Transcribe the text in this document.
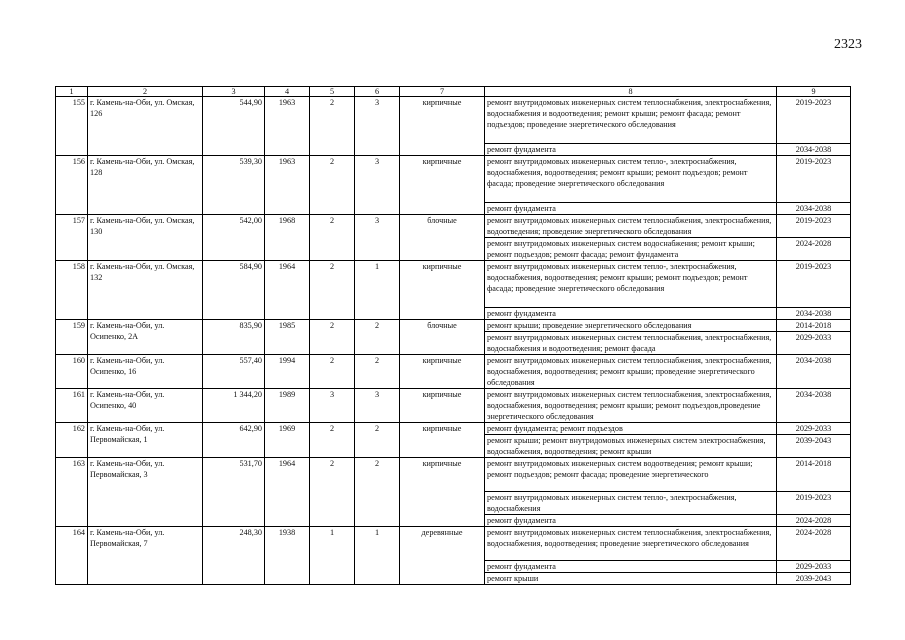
2323
1	2	3	4	5	6	7	8	9
155	г. Камень-на-Оби, ул. Омская, 126	544,90	1963	2	3	кирпичные	ремонт внутридомовых инженерных систем теплоснабжения, электроснабжения, водоснабжения и водоотведения; ремонт крыши; ремонт фасада; ремонт подъездов; проведение энергетического обследования	2019-2023
							ремонт фундамента	2034-2038
156	г. Камень-на-Оби, ул. Омская, 128	539,30	1963	2	3	кирпичные	ремонт внутридомовых инженерных систем тепло-, электроснабжения, водоснабжения, водоотведения; ремонт крыши; ремонт подъездов; ремонт фасада; проведение энергетического обследования	2019-2023
							ремонт фундамента	2034-2038
157	г. Камень-на-Оби, ул. Омская, 130	542,00	1968	2	3	блочные	ремонт внутридомовых инженерных систем теплоснабжения, электроснабжения, водоотведения; проведение энергетического обследования	2019-2023
							ремонт внутридомовых инженерных систем водоснабжения; ремонт крыши; ремонт подъездов; ремонт фасада; ремонт фундамента	2024-2028
158	г. Камень-на-Оби, ул. Омская, 132	584,90	1964	2	1	кирпичные	ремонт внутридомовых инженерных систем тепло-, электроснабжения, водоснабжения, водоотведения; ремонт крыши; ремонт подъездов; ремонт фасада; проведение энергетического обследования	2019-2023
							ремонт фундамента	2034-2038
159	г. Камень-на-Оби, ул. Осипенко, 2А	835,90	1985	2	2	блочные	ремонт крыши; проведение энергетического обследования	2014-2018
							ремонт внутридомовых инженерных систем теплоснабжения, электроснабжения, водоснабжения и водоотведения; ремонт фасада	2029-2033
160	г. Камень-на-Оби, ул. Осипенко, 16	557,40	1994	2	2	кирпичные	ремонт внутридомовых инженерных систем теплоснабжения, электроснабжения, водоснабжения, водоотведения; ремонт крыши; проведение энергетического обследования	2034-2038
161	г. Камень-на-Оби, ул. Осипенко, 40	1 344,20	1989	3	3	кирпичные	ремонт внутридомовых инженерных систем теплоснабжения, электроснабжения, водоснабжения, водоотведения; ремонт крыши; ремонт подъездов,проведение энергетического обследования	2034-2038
162	г. Камень-на-Оби, ул. Первомайская, 1	642,90	1969	2	2	кирпичные	ремонт фундамента; ремонт подъездов	2029-2033
							ремонт крыши; ремонт внутридомовых инженерных систем электроснабжения, водоснабжения, водоотведения; ремонт крыши	2039-2043
163	г. Камень-на-Оби, ул. Первомайская, 3	531,70	1964	2	2	кирпичные	ремонт внутридомовых инженерных систем водоотведения; ремонт крыши; ремонт подъездов; ремонт фасада; проведение энергетического	2014-2018
							ремонт внутридомовых инженерных систем тепло-, электроснабжения, водоснабжения	2019-2023
							ремонт фундамента	2024-2028
164	г. Камень-на-Оби, ул. Первомайская, 7	248,30	1938	1	1	деревянные	ремонт внутридомовых инженерных систем теплоснабжения, электроснабжения, водоснабжения, водоотведения; проведение энергетического обследования	2024-2028
							ремонт фундамента	2029-2033
							ремонт крыши	2039-2043
